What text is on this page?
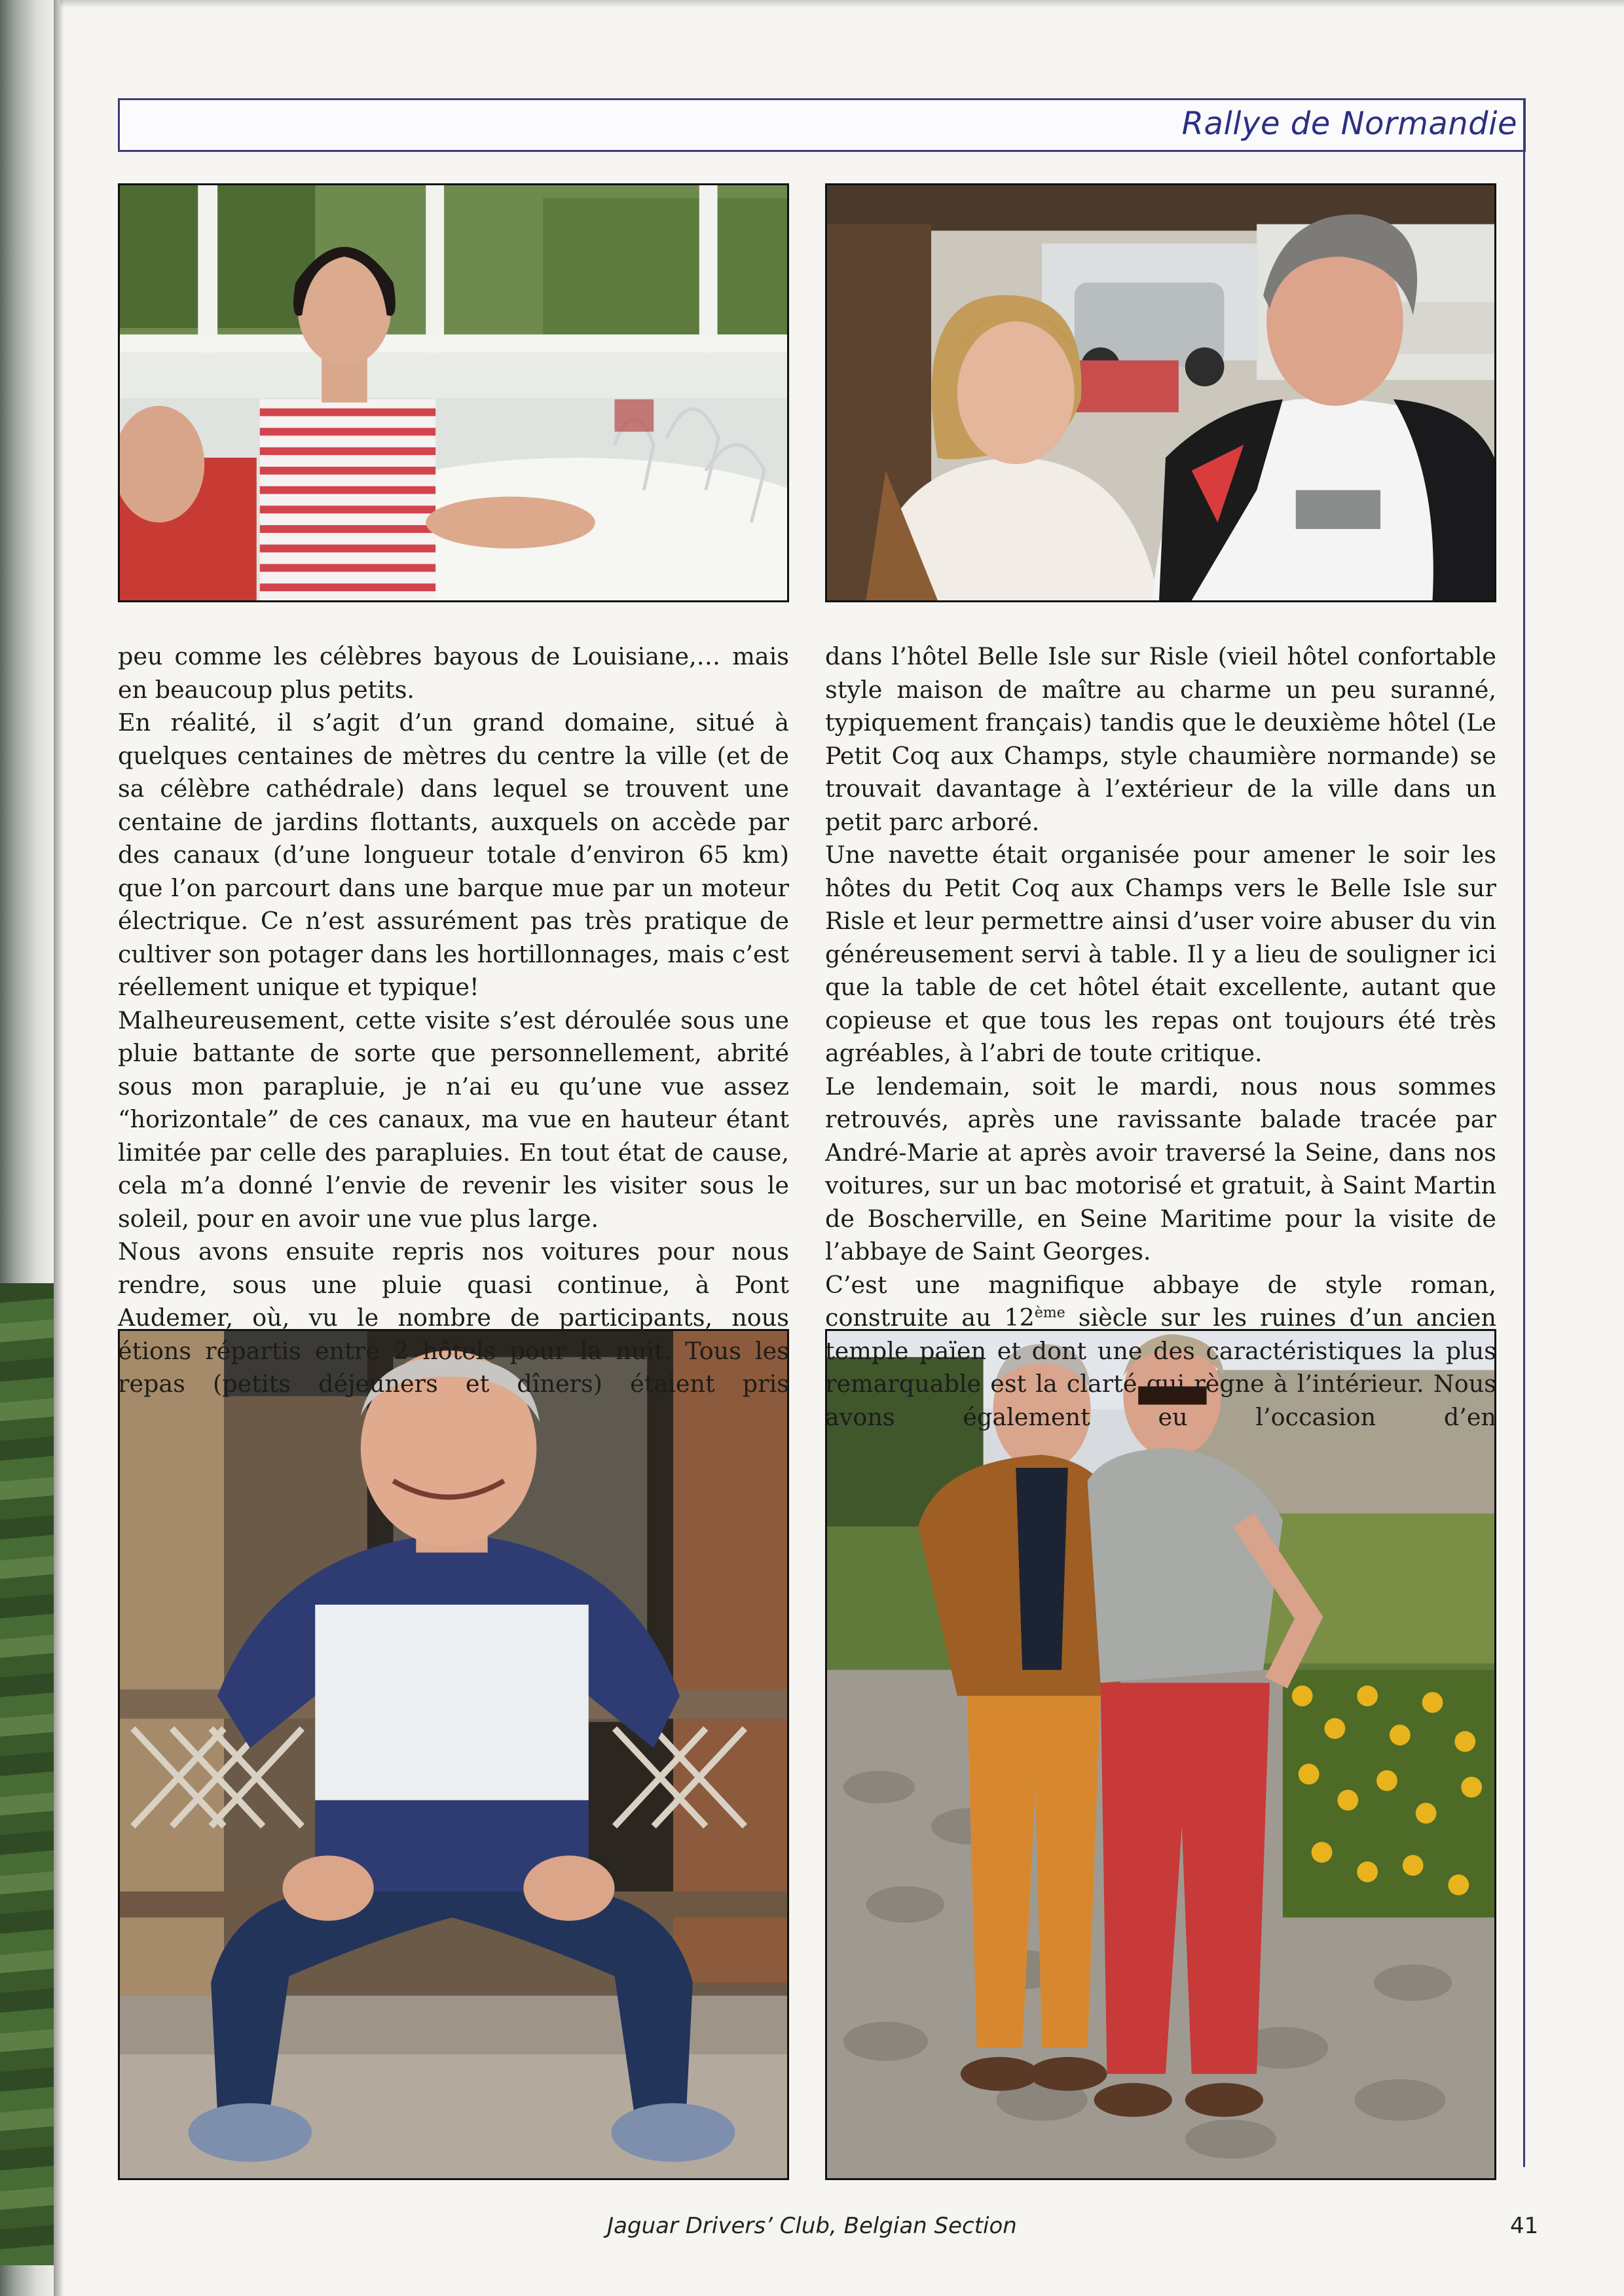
Rallye de Normandie

peu comme les célèbres bayous de Louisiane,… mais en beaucoup plus petits.

En réalité, il s’agit d’un grand domaine, situé à quelques centaines de mètres du centre la ville (et de sa célèbre cathédrale) dans lequel se trouvent une centaine de jardins flottants, auxquels on accède par des canaux (d’une longueur totale d’environ 65 km) que l’on parcourt dans une barque mue par un moteur électrique. Ce n’est assurément pas très pratique de cultiver son potager dans les hortillonnages, mais c’est réellement unique et typique!

Malheureusement, cette visite s’est déroulée sous une pluie battante de sorte que personnellement, abrité sous mon parapluie, je n’ai eu qu’une vue assez “horizontale” de ces canaux, ma vue en hauteur étant limitée par celle des parapluies. En tout état de cause, cela m’a donné l’envie de revenir les visiter sous le soleil, pour en avoir une vue plus large.

Nous avons ensuite repris nos voitures pour nous rendre, sous une pluie quasi continue, à Pont Audemer, où, vu le nombre de participants, nous étions répartis entre 2 hôtels pour la nuit. Tous les repas (petits déjeuners et dîners) étaient pris

dans l’hôtel Belle Isle sur Risle (vieil hôtel confortable style maison de maître au charme un peu suranné, typiquement français) tandis que le deuxième hôtel (Le Petit Coq aux Champs, style chaumière normande) se trouvait davantage à l’extérieur de la ville dans un petit parc arboré.

Une navette était organisée pour amener le soir les hôtes du Petit Coq aux Champs vers le Belle Isle sur Risle et leur permettre ainsi d’user voire abuser du vin généreusement servi à table. Il y a lieu de souligner ici que la table de cet hôtel était excellente, autant que copieuse et que tous les repas ont toujours été très agréables, à l’abri de toute critique.

Le lendemain, soit le mardi, nous nous sommes retrouvés, après une ravissante balade tracée par André-Marie at après avoir traversé la Seine, dans nos voitures, sur un bac motorisé et gratuit, à Saint Martin de Boscherville, en Seine Maritime pour la visite de l’abbaye de Saint Georges.

C’est une magnifique abbaye de style roman, construite au 12ème siècle sur les ruines d’un ancien temple païen et dont une des caractéristiques la plus remarquable est la clarté qui règne à l’intérieur. Nous avons également eu l’occasion d’en

Jaguar Drivers’ Club, Belgian Section	41
